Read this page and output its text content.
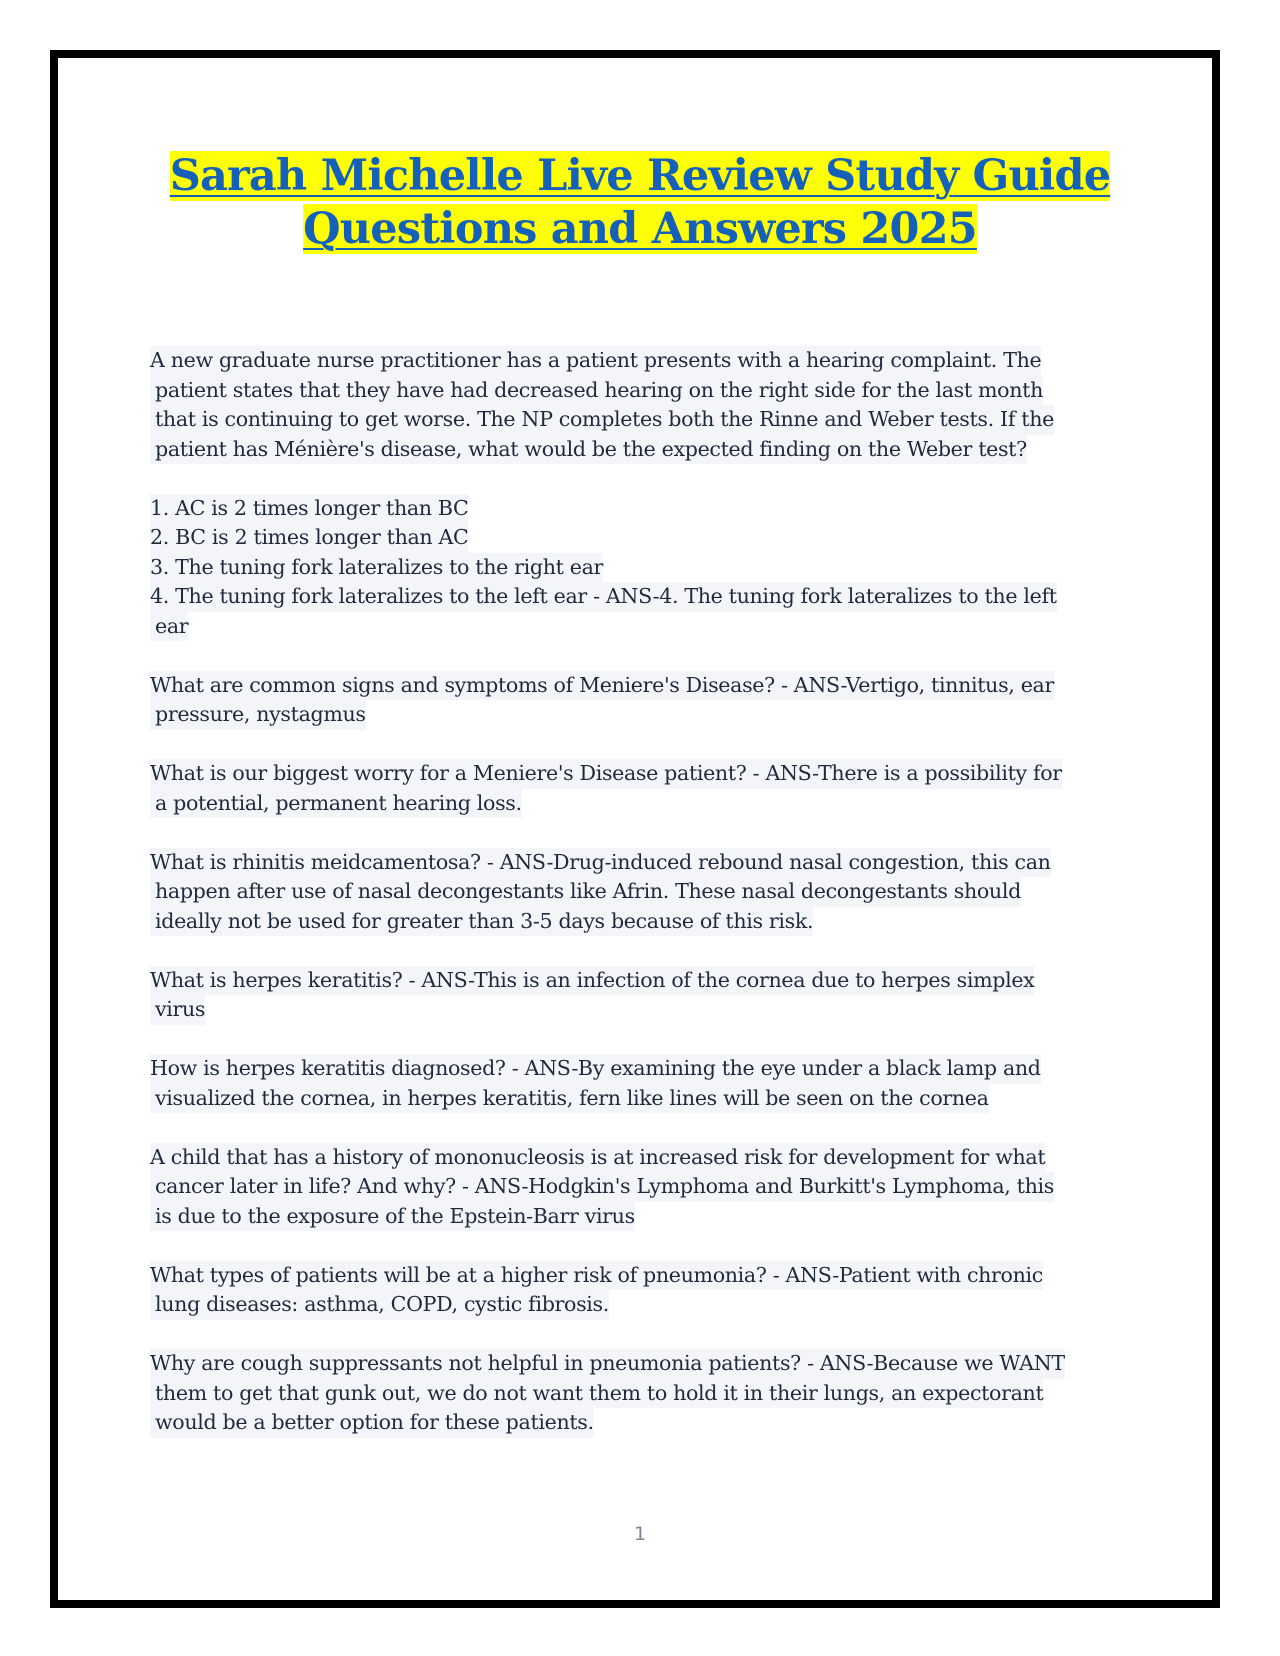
Sarah Michelle Live Review Study Guide
Questions and Answers 2025
A new graduate nurse practitioner has a patient presents with a hearing complaint. The
patient states that they have had decreased hearing on the right side for the last month
that is continuing to get worse. The NP completes both the Rinne and Weber tests. If the
patient has Ménière's disease, what would be the expected finding on the Weber test?
1. AC is 2 times longer than BC
2. BC is 2 times longer than AC
3. The tuning fork lateralizes to the right ear
4. The tuning fork lateralizes to the left ear - ANS-4. The tuning fork lateralizes to the left
ear
What are common signs and symptoms of Meniere's Disease? - ANS-Vertigo, tinnitus, ear
pressure, nystagmus
What is our biggest worry for a Meniere's Disease patient? - ANS-There is a possibility for
a potential, permanent hearing loss.
What is rhinitis meidcamentosa? - ANS-Drug-induced rebound nasal congestion, this can
happen after use of nasal decongestants like Afrin. These nasal decongestants should
ideally not be used for greater than 3-5 days because of this risk.
What is herpes keratitis? - ANS-This is an infection of the cornea due to herpes simplex
virus
How is herpes keratitis diagnosed? - ANS-By examining the eye under a black lamp and
visualized the cornea, in herpes keratitis, fern like lines will be seen on the cornea
A child that has a history of mononucleosis is at increased risk for development for what
cancer later in life? And why? - ANS-Hodgkin's Lymphoma and Burkitt's Lymphoma, this
is due to the exposure of the Epstein-Barr virus
What types of patients will be at a higher risk of pneumonia? - ANS-Patient with chronic
lung diseases: asthma, COPD, cystic fibrosis.
Why are cough suppressants not helpful in pneumonia patients? - ANS-Because we WANT
them to get that gunk out, we do not want them to hold it in their lungs, an expectorant
would be a better option for these patients.
1
